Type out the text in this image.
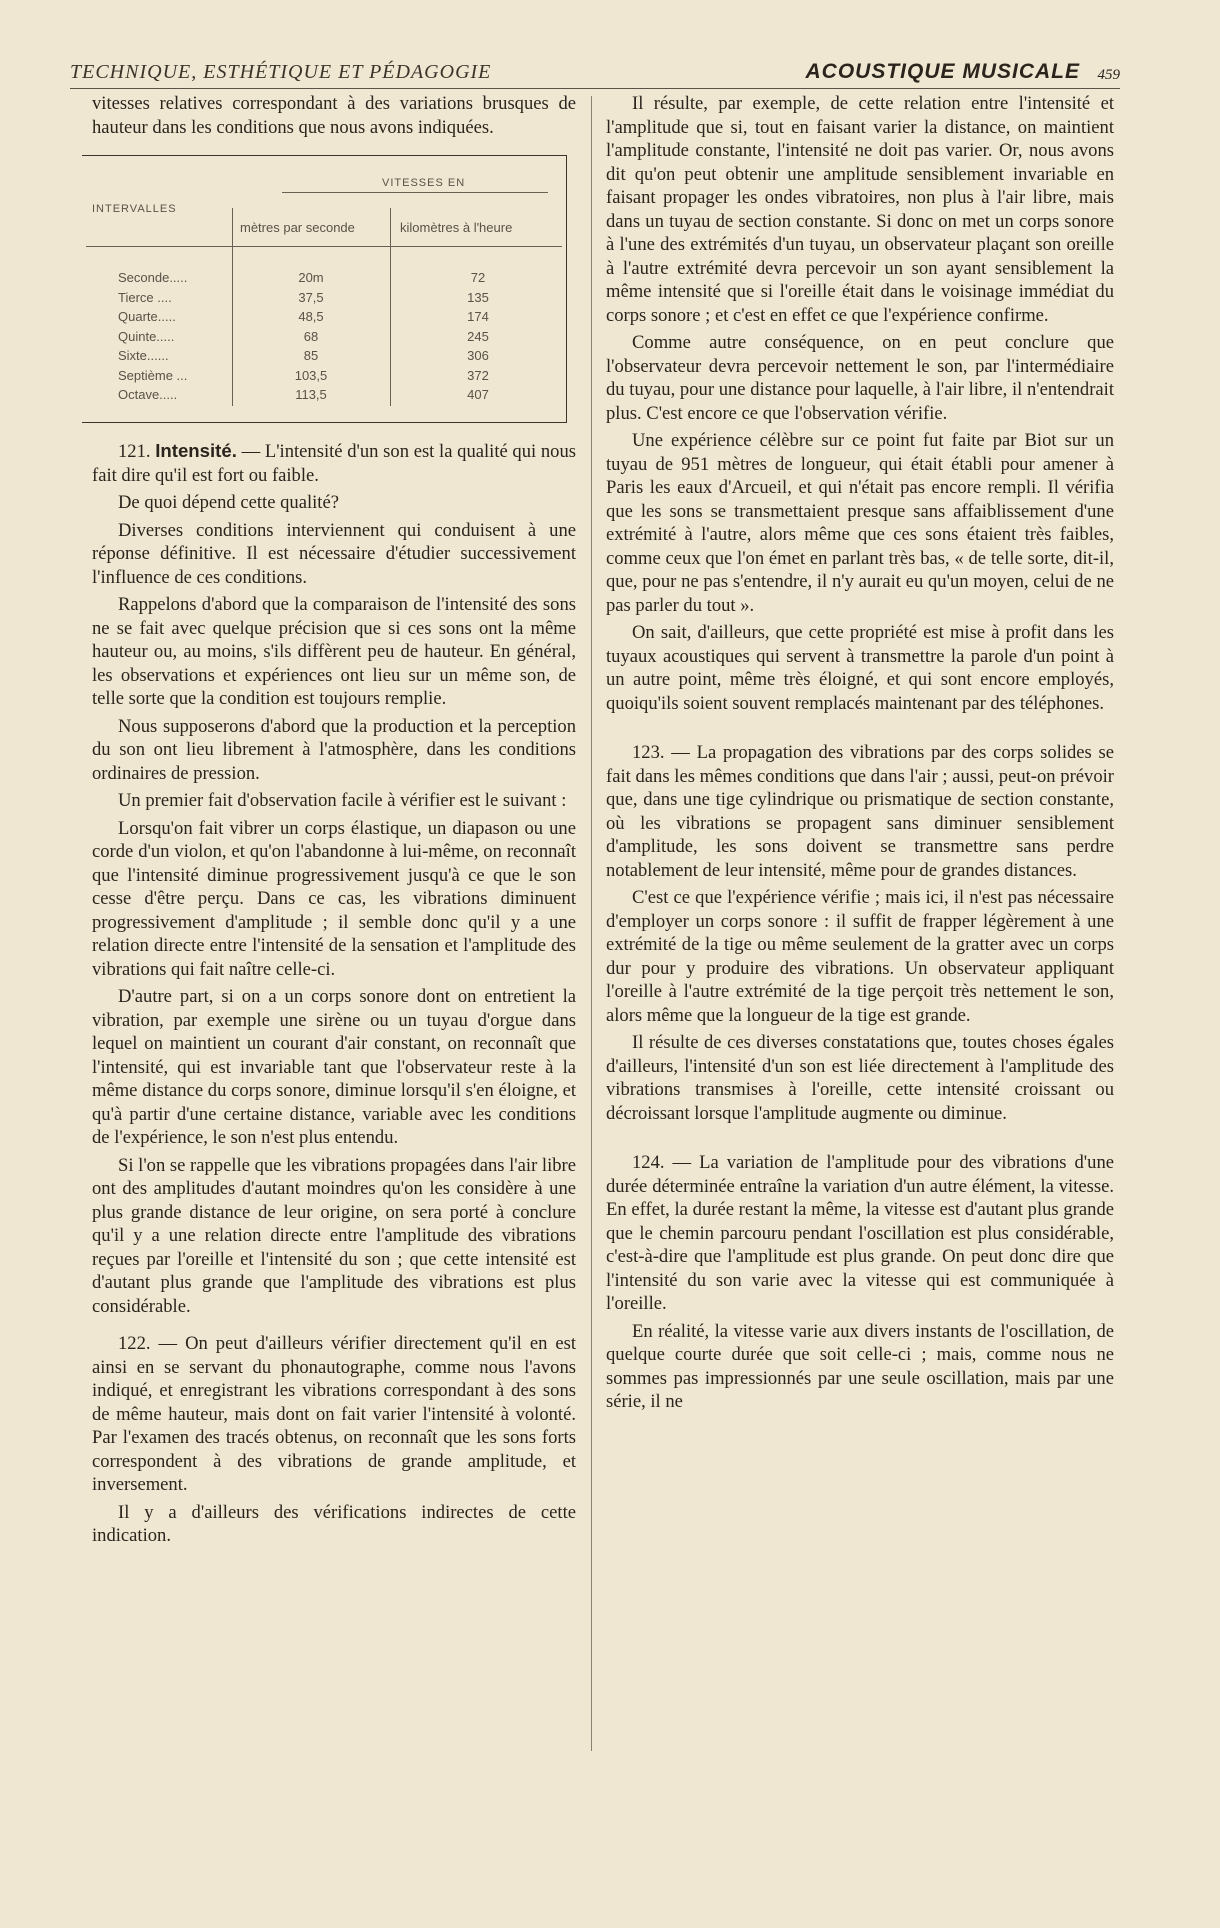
TECHNIQUE, ESTHÉTIQUE ET PÉDAGOGIE	ACOUSTIQUE MUSICALE 459

vitesses relatives correspondant à des variations brusques de hauteur dans les conditions que nous avons indiquées.

VITESSES EN
INTERVALLES
mètres par seconde	kilomètres à l'heure
Seconde.....	20m	72
Tierce ....	37,5	135
Quarte.....	48,5	174
Quinte.....	68	245
Sixte......	85	306
Septième ...	103,5	372
Octave.....	113,5	407

121. Intensité. — L'intensité d'un son est la qualité qui nous fait dire qu'il est fort ou faible.

De quoi dépend cette qualité?

Diverses conditions interviennent qui conduisent à une réponse définitive. Il est nécessaire d'étudier successivement l'influence de ces conditions.

Rappelons d'abord que la comparaison de l'intensité des sons ne se fait avec quelque précision que si ces sons ont la même hauteur ou, au moins, s'ils diffèrent peu de hauteur. En général, les observations et expériences ont lieu sur un même son, de telle sorte que la condition est toujours remplie.

Nous supposerons d'abord que la production et la perception du son ont lieu librement à l'atmosphère, dans les conditions ordinaires de pression.

Un premier fait d'observation facile à vérifier est le suivant :

Lorsqu'on fait vibrer un corps élastique, un diapason ou une corde d'un violon, et qu'on l'abandonne à lui-même, on reconnaît que l'intensité diminue progressivement jusqu'à ce que le son cesse d'être perçu. Dans ce cas, les vibrations diminuent progressivement d'amplitude ; il semble donc qu'il y a une relation directe entre l'intensité de la sensation et l'amplitude des vibrations qui fait naître celle-ci.

D'autre part, si on a un corps sonore dont on entretient la vibration, par exemple une sirène ou un tuyau d'orgue dans lequel on maintient un courant d'air constant, on reconnaît que l'intensité, qui est invariable tant que l'observateur reste à la même distance du corps sonore, diminue lorsqu'il s'en éloigne, et qu'à partir d'une certaine distance, variable avec les conditions de l'expérience, le son n'est plus entendu.

Si l'on se rappelle que les vibrations propagées dans l'air libre ont des amplitudes d'autant moindres qu'on les considère à une plus grande distance de leur origine, on sera porté à conclure qu'il y a une relation directe entre l'amplitude des vibrations reçues par l'oreille et l'intensité du son ; que cette intensité est d'autant plus grande que l'amplitude des vibrations est plus considérable.

122. — On peut d'ailleurs vérifier directement qu'il en est ainsi en se servant du phonautographe, comme nous l'avons indiqué, et enregistrant les vibrations correspondant à des sons de même hauteur, mais dont on fait varier l'intensité à volonté. Par l'examen des tracés obtenus, on reconnaît que les sons forts correspondent à des vibrations de grande amplitude, et inversement.

Il y a d'ailleurs des vérifications indirectes de cette indication.

Il résulte, par exemple, de cette relation entre l'intensité et l'amplitude que si, tout en faisant varier la distance, on maintient l'amplitude constante, l'intensité ne doit pas varier. Or, nous avons dit qu'on peut obtenir une amplitude sensiblement invariable en faisant propager les ondes vibratoires, non plus à l'air libre, mais dans un tuyau de section constante. Si donc on met un corps sonore à l'une des extrémités d'un tuyau, un observateur plaçant son oreille à l'autre extrémité devra percevoir un son ayant sensiblement la même intensité que si l'oreille était dans le voisinage immédiat du corps sonore ; et c'est en effet ce que l'expérience confirme.

Comme autre conséquence, on en peut conclure que l'observateur devra percevoir nettement le son, par l'intermédiaire du tuyau, pour une distance pour laquelle, à l'air libre, il n'entendrait plus. C'est encore ce que l'observation vérifie.

Une expérience célèbre sur ce point fut faite par Biot sur un tuyau de 951 mètres de longueur, qui était établi pour amener à Paris les eaux d'Arcueil, et qui n'était pas encore rempli. Il vérifia que les sons se transmettaient presque sans affaiblissement d'une extrémité à l'autre, alors même que ces sons étaient très faibles, comme ceux que l'on émet en parlant très bas, « de telle sorte, dit-il, que, pour ne pas s'entendre, il n'y aurait eu qu'un moyen, celui de ne pas parler du tout ».

On sait, d'ailleurs, que cette propriété est mise à profit dans les tuyaux acoustiques qui servent à transmettre la parole d'un point à un autre point, même très éloigné, et qui sont encore employés, quoiqu'ils soient souvent remplacés maintenant par des téléphones.

123. — La propagation des vibrations par des corps solides se fait dans les mêmes conditions que dans l'air ; aussi, peut-on prévoir que, dans une tige cylindrique ou prismatique de section constante, où les vibrations se propagent sans diminuer sensiblement d'amplitude, les sons doivent se transmettre sans perdre notablement de leur intensité, même pour de grandes distances.

C'est ce que l'expérience vérifie ; mais ici, il n'est pas nécessaire d'employer un corps sonore : il suffit de frapper légèrement à une extrémité de la tige ou même seulement de la gratter avec un corps dur pour y produire des vibrations. Un observateur appliquant l'oreille à l'autre extrémité de la tige perçoit très nettement le son, alors même que la longueur de la tige est grande.

Il résulte de ces diverses constatations que, toutes choses égales d'ailleurs, l'intensité d'un son est liée directement à l'amplitude des vibrations transmises à l'oreille, cette intensité croissant ou décroissant lorsque l'amplitude augmente ou diminue.

124. — La variation de l'amplitude pour des vibrations d'une durée déterminée entraîne la variation d'un autre élément, la vitesse. En effet, la durée restant la même, la vitesse est d'autant plus grande que le chemin parcouru pendant l'oscillation est plus considérable, c'est-à-dire que l'amplitude est plus grande. On peut donc dire que l'intensité du son varie avec la vitesse qui est communiquée à l'oreille.

En réalité, la vitesse varie aux divers instants de l'oscillation, de quelque courte durée que soit celle-ci ; mais, comme nous ne sommes pas impressionnés par une seule oscillation, mais par une série, il ne
